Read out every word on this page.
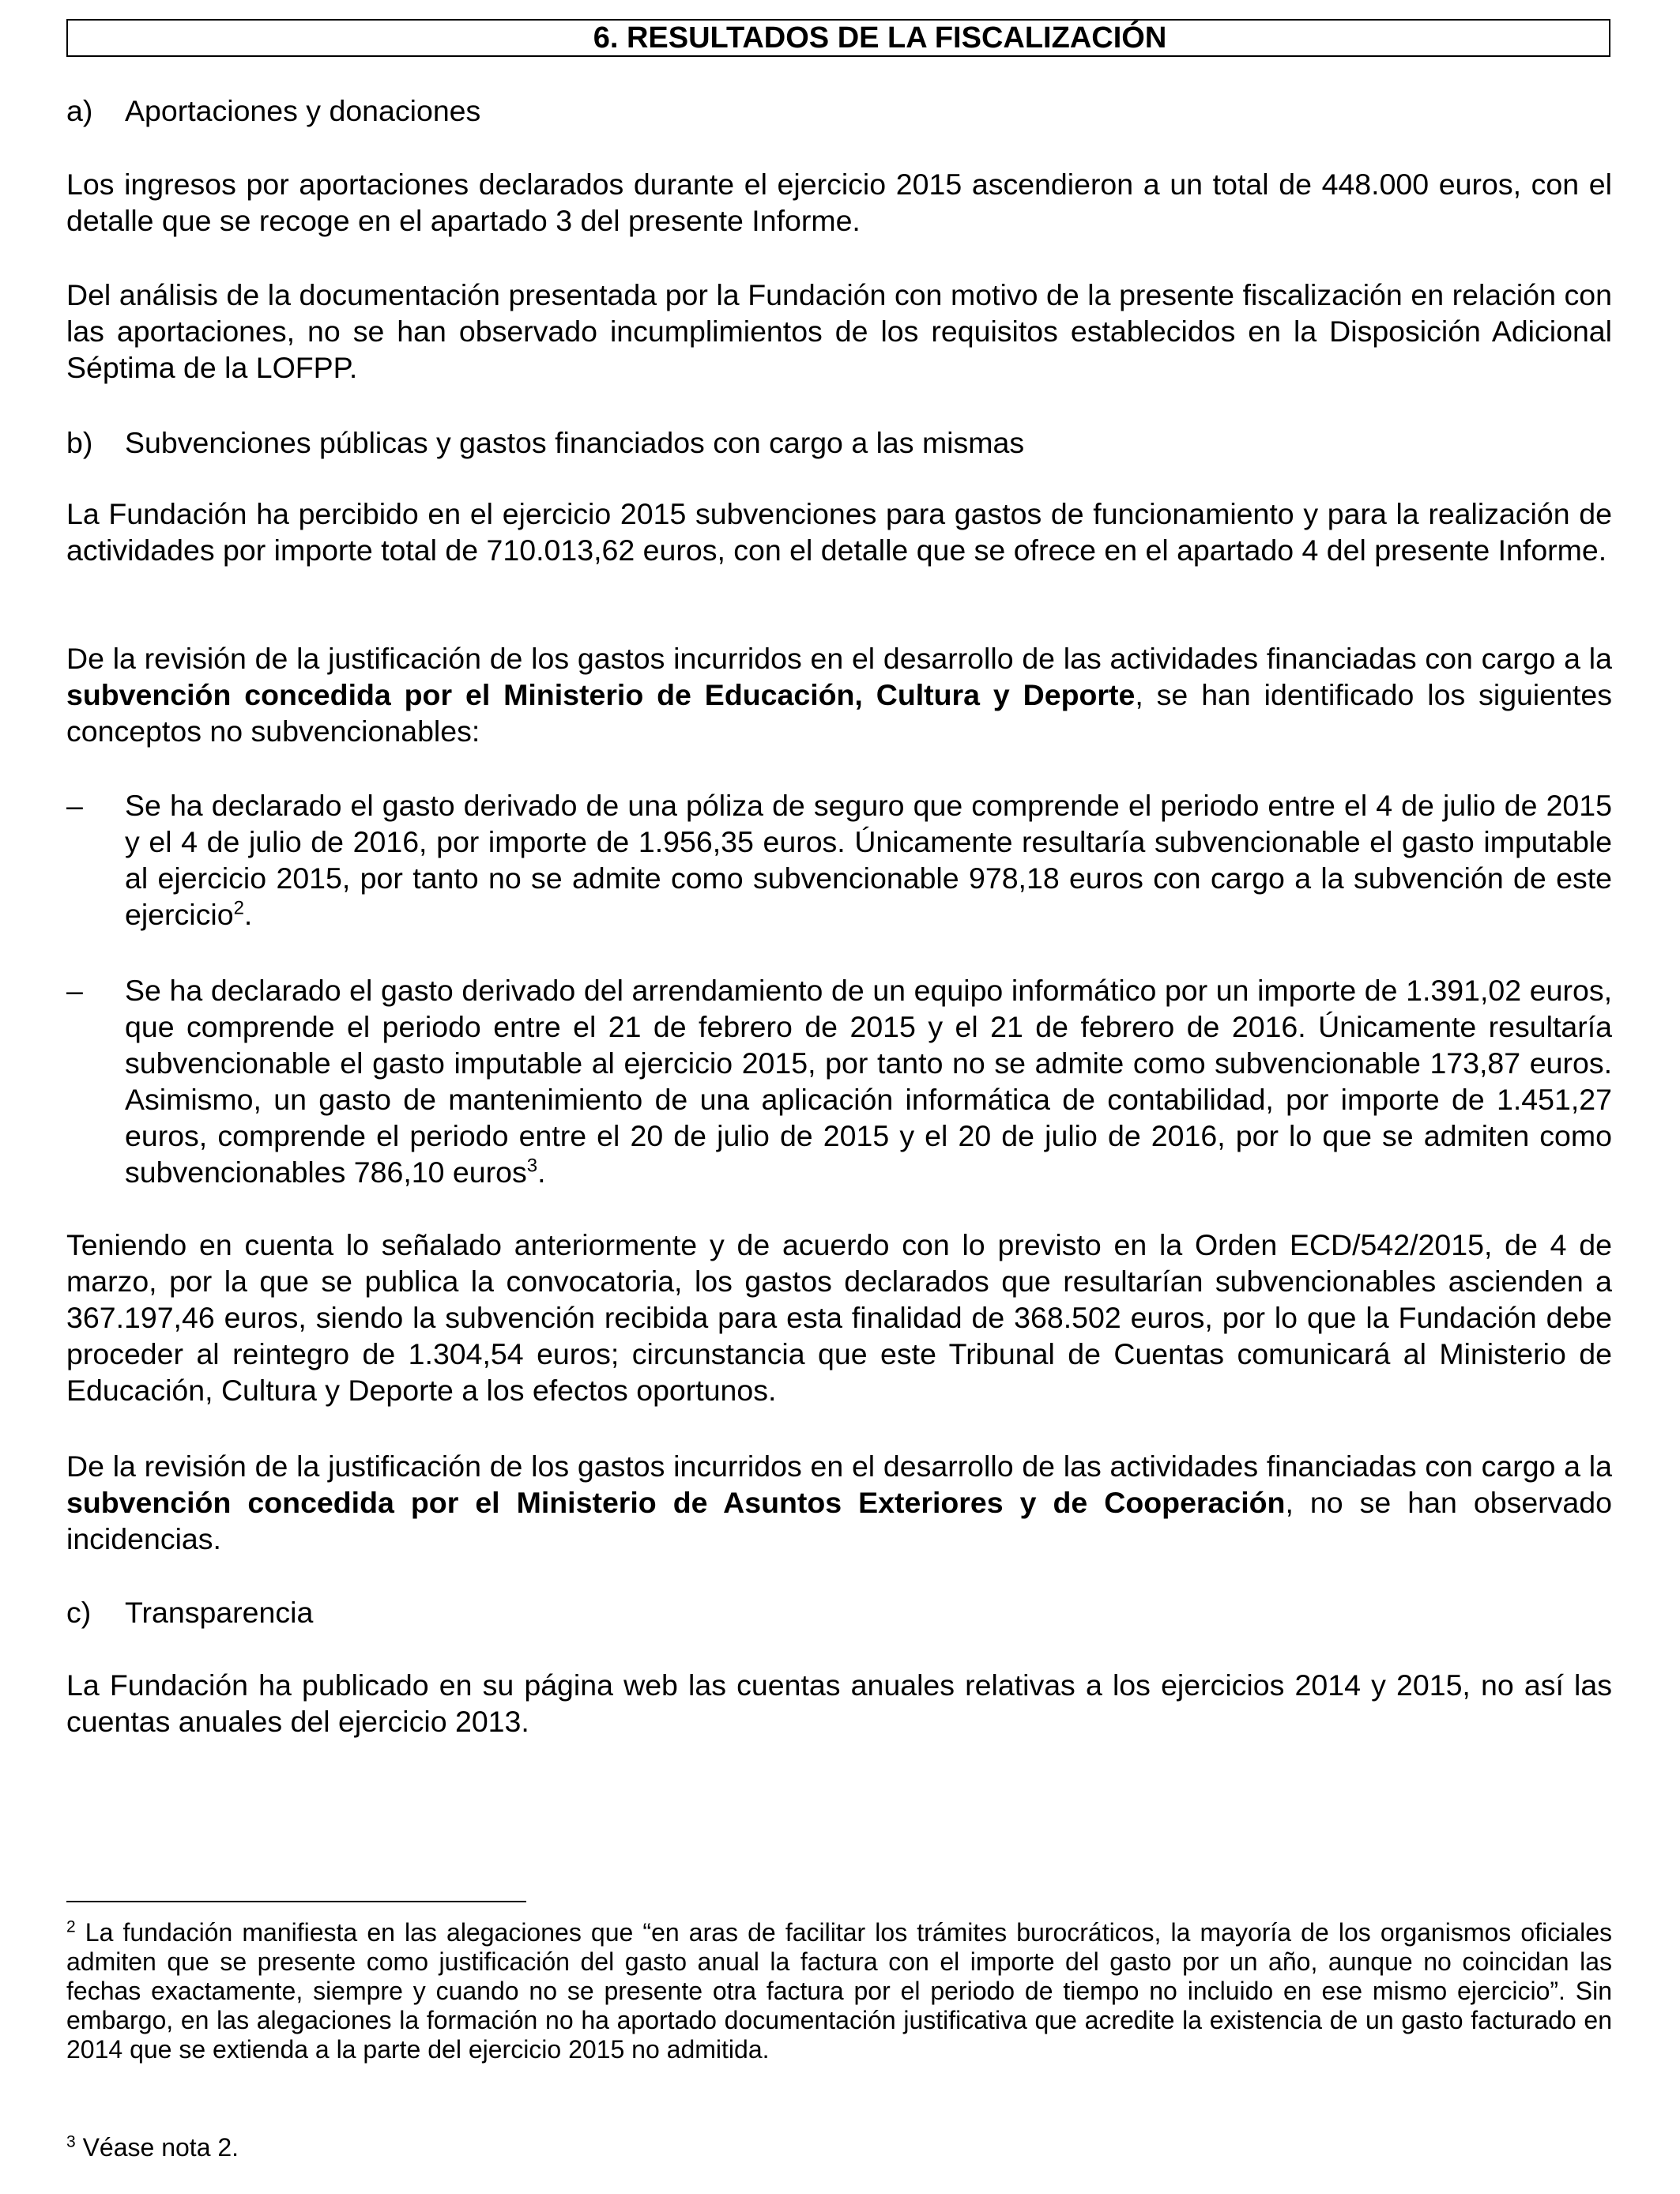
6. RESULTADOS DE LA FISCALIZACIÓN
a) Aportaciones y donaciones

Los ingresos por aportaciones declarados durante el ejercicio 2015 ascendieron a un total de 448.000 euros, con el detalle que se recoge en el apartado 3 del presente Informe.

Del análisis de la documentación presentada por la Fundación con motivo de la presente fiscalización en relación con las aportaciones, no se han observado incumplimientos de los requisitos establecidos en la Disposición Adicional Séptima de la LOFPP.

b) Subvenciones públicas y gastos financiados con cargo a las mismas

La Fundación ha percibido en el ejercicio 2015 subvenciones para gastos de funcionamiento y para la realización de actividades por importe total de 710.013,62 euros, con el detalle que se ofrece en el apartado 4 del presente Informe.

De la revisión de la justificación de los gastos incurridos en el desarrollo de las actividades financiadas con cargo a la subvención concedida por el Ministerio de Educación, Cultura y Deporte, se han identificado los siguientes conceptos no subvencionables:

– Se ha declarado el gasto derivado de una póliza de seguro que comprende el periodo entre el 4 de julio de 2015 y el 4 de julio de 2016, por importe de 1.956,35 euros. Únicamente resultaría subvencionable el gasto imputable al ejercicio 2015, por tanto no se admite como subvencionable 978,18 euros con cargo a la subvención de este ejercicio$^2$.

– Se ha declarado el gasto derivado del arrendamiento de un equipo informático por un importe de 1.391,02 euros, que comprende el periodo entre el 21 de febrero de 2015 y el 21 de febrero de 2016. Únicamente resultaría subvencionable el gasto imputable al ejercicio 2015, por tanto no se admite como subvencionable 173,87 euros. Asimismo, un gasto de mantenimiento de una aplicación informática de contabilidad, por importe de 1.451,27 euros, comprende el periodo entre el 20 de julio de 2015 y el 20 de julio de 2016, por lo que se admiten como subvencionables 786,10 euros$^3$.

Teniendo en cuenta lo señalado anteriormente y de acuerdo con lo previsto en la Orden ECD/542/2015, de 4 de marzo, por la que se publica la convocatoria, los gastos declarados que resultarían subvencionables ascienden a 367.197,46 euros, siendo la subvención recibida para esta finalidad de 368.502 euros, por lo que la Fundación debe proceder al reintegro de 1.304,54 euros; circunstancia que este Tribunal de Cuentas comunicará al Ministerio de Educación, Cultura y Deporte a los efectos oportunos.

De la revisión de la justificación de los gastos incurridos en el desarrollo de las actividades financiadas con cargo a la subvención concedida por el Ministerio de Asuntos Exteriores y de Cooperación, no se han observado incidencias.

c) Transparencia

La Fundación ha publicado en su página web las cuentas anuales relativas a los ejercicios 2014 y 2015, no así las cuentas anuales del ejercicio 2013.

$^2$ La fundación manifiesta en las alegaciones que “en aras de facilitar los trámites burocráticos, la mayoría de los organismos oficiales admiten que se presente como justificación del gasto anual la factura con el importe del gasto por un año, aunque no coincidan las fechas exactamente, siempre y cuando no se presente otra factura por el periodo de tiempo no incluido en ese mismo ejercicio”. Sin embargo, en las alegaciones la formación no ha aportado documentación justificativa que acredite la existencia de un gasto facturado en 2014 que se extienda a la parte del ejercicio 2015 no admitida.

$^3$ Véase nota 2.
